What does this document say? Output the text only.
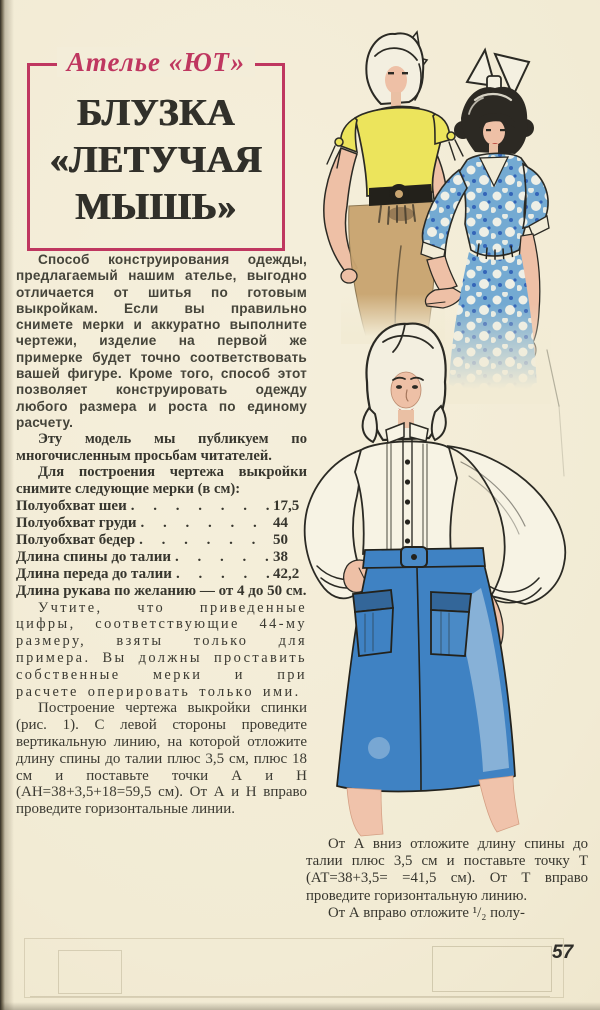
Ателье «ЮТ»
БЛУЗКА
«ЛЕТУЧАЯ
МЫШЬ»

Способ конструирования одежды, предлагаемый нашим ателье, выгодно отличается от шитья по готовым выкройкам. Если вы правильно снимете мерки и аккуратно выполните чертежи, изделие на первой же примерке будет точно соответствовать вашей фигуре. Кроме того, способ этот позволяет конструировать одежду любого размера и роста по единому расчету.

Эту модель мы публикуем по многочисленным просьбам читателей.

Для построения чертежа выкройки снимите следующие мерки (в см):

Полуобхват шеи . . .	17,5
Полуобхват груди . . .	44
Полуобхват бедер . . .	50
Длина спины до талии . . .	38
Длина переда до талии . . .	42,2

Длина рукава по желанию — от 4 до 50 см.

Учтите, что приведенные цифры, соответствующие 44-му размеру, взяты только для примера. Вы должны проставить собственные мерки и при расчете оперировать только ими.

Построение чертежа выкройки спинки (рис. 1). С левой стороны проведите вертикальную линию, на которой отложите длину спины до талии плюс 3,5 см, плюс 18 см и поставьте точки А и Н (АН=38+3,5+18=59,5 см). От А и Н вправо проведите горизонтальные линии.

От А вниз отложите длину спины до талии плюс 3,5 см и поставьте точку Т (АТ=38+3,5= =41,5 см). От Т вправо проведите горизонтальную линию.

От А вправо отложите ¹/₂ полу-

57
